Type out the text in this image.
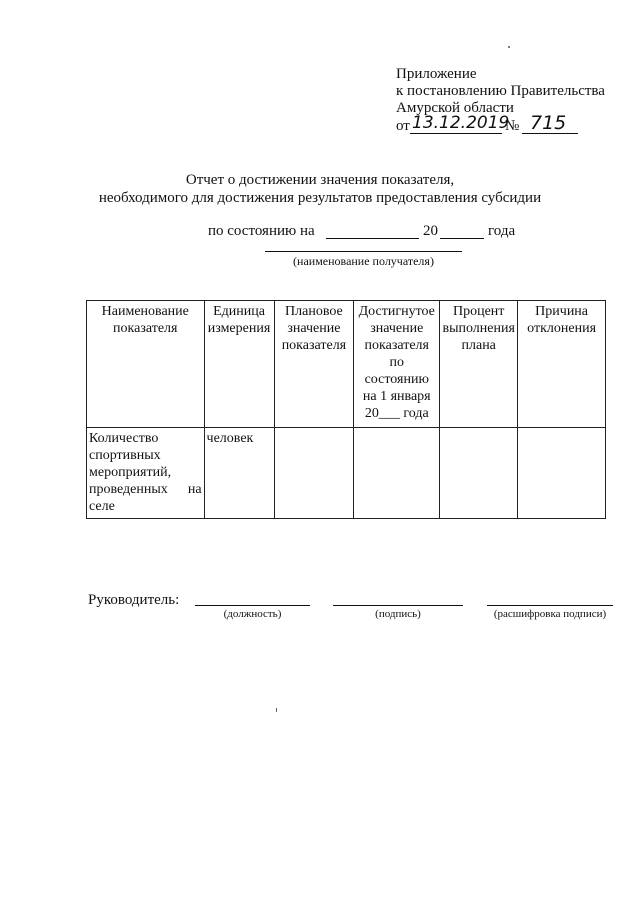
Приложение
к постановлению Правительства
Амурской области
от 13.12.2019
№ 715
Отчет о достижении значения показателя,
необходимого для достижения результатов предоставления субсидии
по состоянию на	20	года
(наименование получателя)
Наименование показателя	Единица измерения	Плановое значение показателя	Достигнутое значение показателя по состоянию на 1 января 20___ года	Процент выполнения плана	Причина отклонения
Количество спортивных мероприятий, проведенных на селе	человек				
Руководитель:
(должность)	(подпись)	(расшифровка подписи)
